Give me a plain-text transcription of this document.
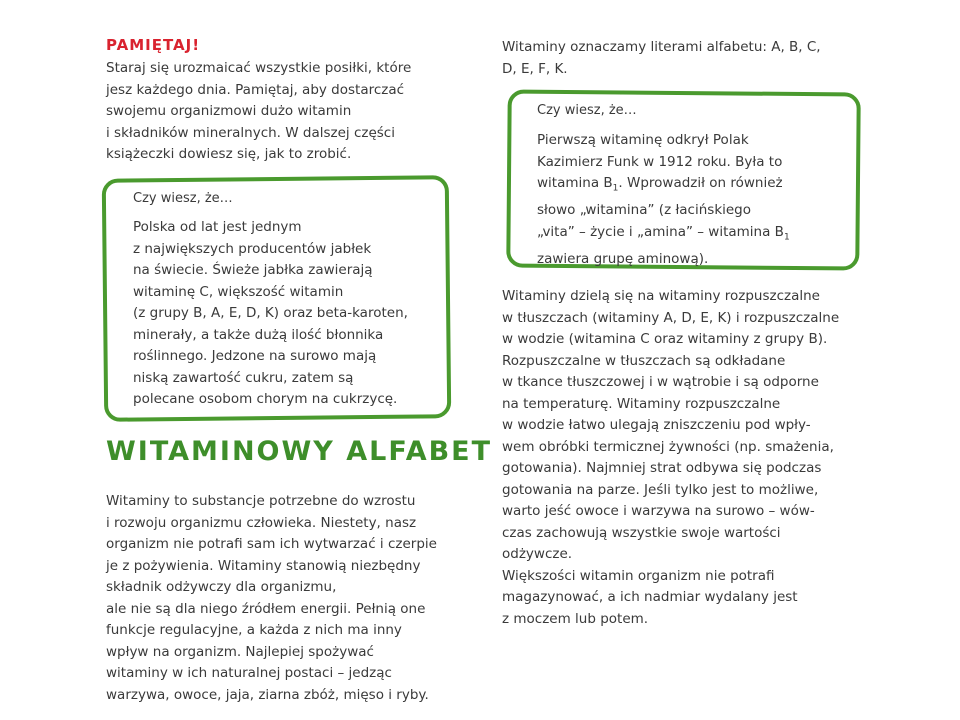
PAMIĘTAJ!

Staraj się urozmaicać wszystkie posiłki, które
jesz każdego dnia. Pamiętaj, aby dostarczać
swojemu organizmowi dużo witamin
i składników mineralnych. W dalszej części
książeczki dowiesz się, jak to zrobić.

Czy wiesz, że…

Polska od lat jest jednym
z największych producentów jabłek
na świecie. Świeże jabłka zawierają
witaminę C, większość witamin
(z grupy B, A, E, D, K) oraz beta-karoten,
minerały, a także dużą ilość błonnika
roślinnego. Jedzone na surowo mają
niską zawartość cukru, zatem są
polecane osobom chorym na cukrzycę.

WITAMINOWY ALFABET

Witaminy to substancje potrzebne do wzrostu
i rozwoju organizmu człowieka. Niestety, nasz
organizm nie potrafi sam ich wytwarzać i czerpie
je z pożywienia. Witaminy stanowią niezbędny
składnik odżywczy dla organizmu,
ale nie są dla niego źródłem energii. Pełnią one
funkcje regulacyjne, a każda z nich ma inny
wpływ na organizm. Najlepiej spożywać
witaminy w ich naturalnej postaci – jedząc
warzywa, owoce, jaja, ziarna zbóż, mięso i ryby.

Witaminy oznaczamy literami alfabetu: A, B, C,
D, E, F, K.

Czy wiesz, że…
Pierwszą witaminę odkrył Polak
Kazimierz Funk w 1912 roku. Była to
witamina $B_1$. Wprowadził on również
słowo „witamina” (z łacińskiego
„vita” – życie i „amina” – witamina $B_1$
zawiera grupę aminową).

Witaminy dzielą się na witaminy rozpuszczalne
w tłuszczach (witaminy A, D, E, K) i rozpuszczalne
w wodzie (witamina C oraz witaminy z grupy B).
Rozpuszczalne w tłuszczach są odkładane
w tkance tłuszczowej i w wątrobie i są odporne
na temperaturę. Witaminy rozpuszczalne
w wodzie łatwo ulegają zniszczeniu pod wpły-
wem obróbki termicznej żywności (np. smażenia,
gotowania). Najmniej strat odbywa się podczas
gotowania na parze. Jeśli tylko jest to możliwe,
warto jeść owoce i warzywa na surowo – wów-
czas zachowują wszystkie swoje wartości
odżywcze.
Większości witamin organizm nie potrafi
magazynować, a ich nadmiar wydalany jest
z moczem lub potem.
